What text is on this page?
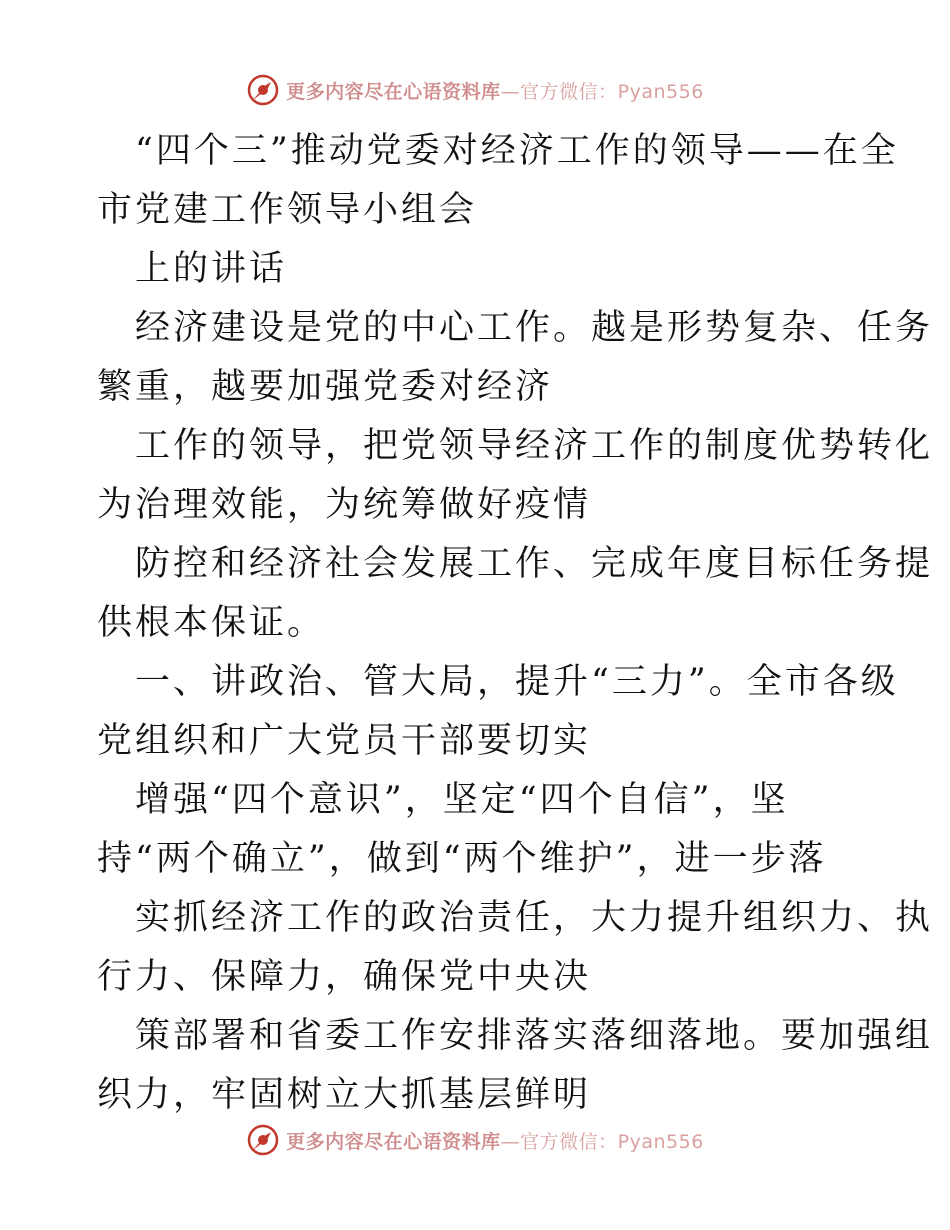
更多内容尽在心语资料库—官方微信：Pyan556
“四个三”推动党委对经济工作的领导——在全
市党建工作领导小组会
上的讲话
经济建设是党的中心工作。越是形势复杂、任务
繁重，越要加强党委对经济
工作的领导，把党领导经济工作的制度优势转化
为治理效能，为统筹做好疫情
防控和经济社会发展工作、完成年度目标任务提
供根本保证。
一、讲政治、管大局，提升“三力”。全市各级
党组织和广大党员干部要切实
增强“四个意识”，坚定“四个自信”，坚
持“两个确立”，做到“两个维护”，进一步落
实抓经济工作的政治责任，大力提升组织力、执
行力、保障力，确保党中央决
策部署和省委工作安排落实落细落地。要加强组
织力，牢固树立大抓基层鲜明
更多内容尽在心语资料库—官方微信：Pyan556
